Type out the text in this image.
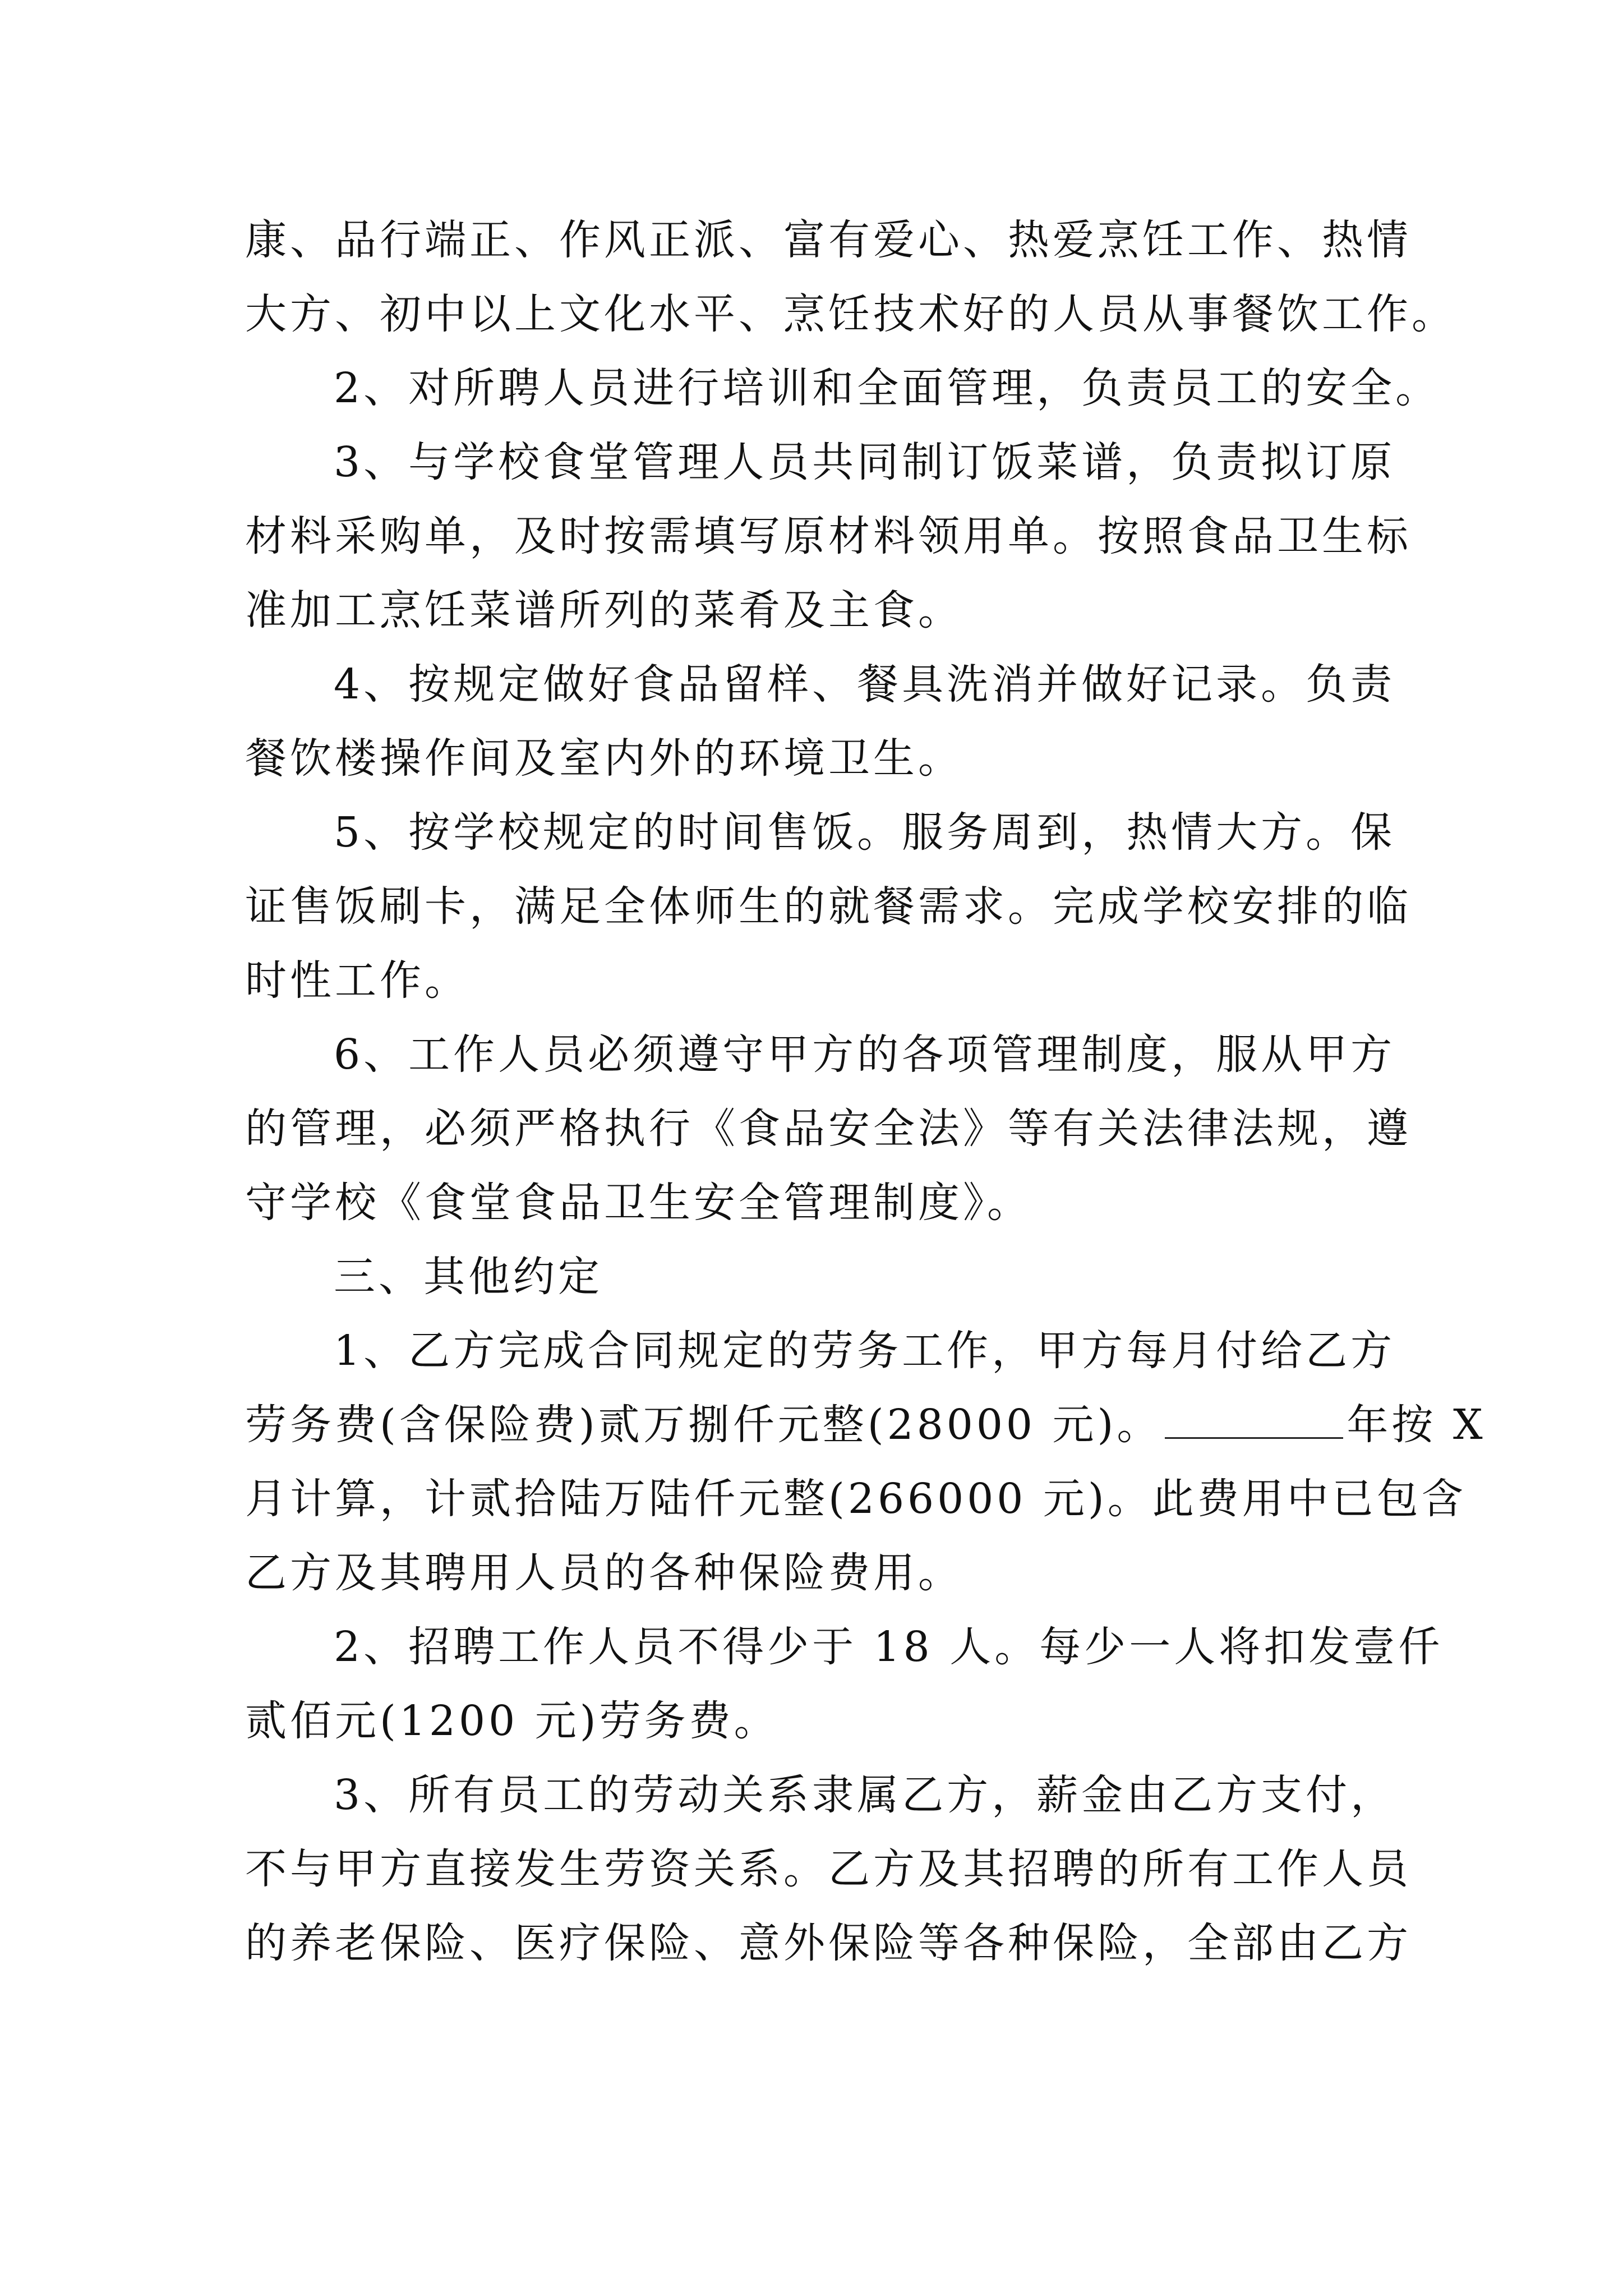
康、品行端正、作风正派、富有爱心、热爱烹饪工作、热情
大方、初中以上文化水平、烹饪技术好的人员从事餐饮工作。
2、对所聘人员进行培训和全面管理，负责员工的安全。
3、与学校食堂管理人员共同制订饭菜谱，负责拟订原
材料采购单，及时按需填写原材料领用单。按照食品卫生标
准加工烹饪菜谱所列的菜肴及主食。
4、按规定做好食品留样、餐具洗消并做好记录。负责
餐饮楼操作间及室内外的环境卫生。
5、按学校规定的时间售饭。服务周到，热情大方。保
证售饭刷卡，满足全体师生的就餐需求。完成学校安排的临
时性工作。
6、工作人员必须遵守甲方的各项管理制度，服从甲方
的管理，必须严格执行《食品安全法》等有关法律法规，遵
守学校《食堂食品卫生安全管理制度》。
三、其他约定
1、乙方完成合同规定的劳务工作，甲方每月付给乙方
劳务费(含保险费)贰万捌仟元整(28000 元)。	年按 X
月计算，计贰拾陆万陆仟元整(266000 元)。此费用中已包含
乙方及其聘用人员的各种保险费用。
2、招聘工作人员不得少于 18 人。每少一人将扣发壹仟
贰佰元(1200 元)劳务费。
3、所有员工的劳动关系隶属乙方，薪金由乙方支付，
不与甲方直接发生劳资关系。乙方及其招聘的所有工作人员
的养老保险、医疗保险、意外保险等各种保险，全部由乙方
